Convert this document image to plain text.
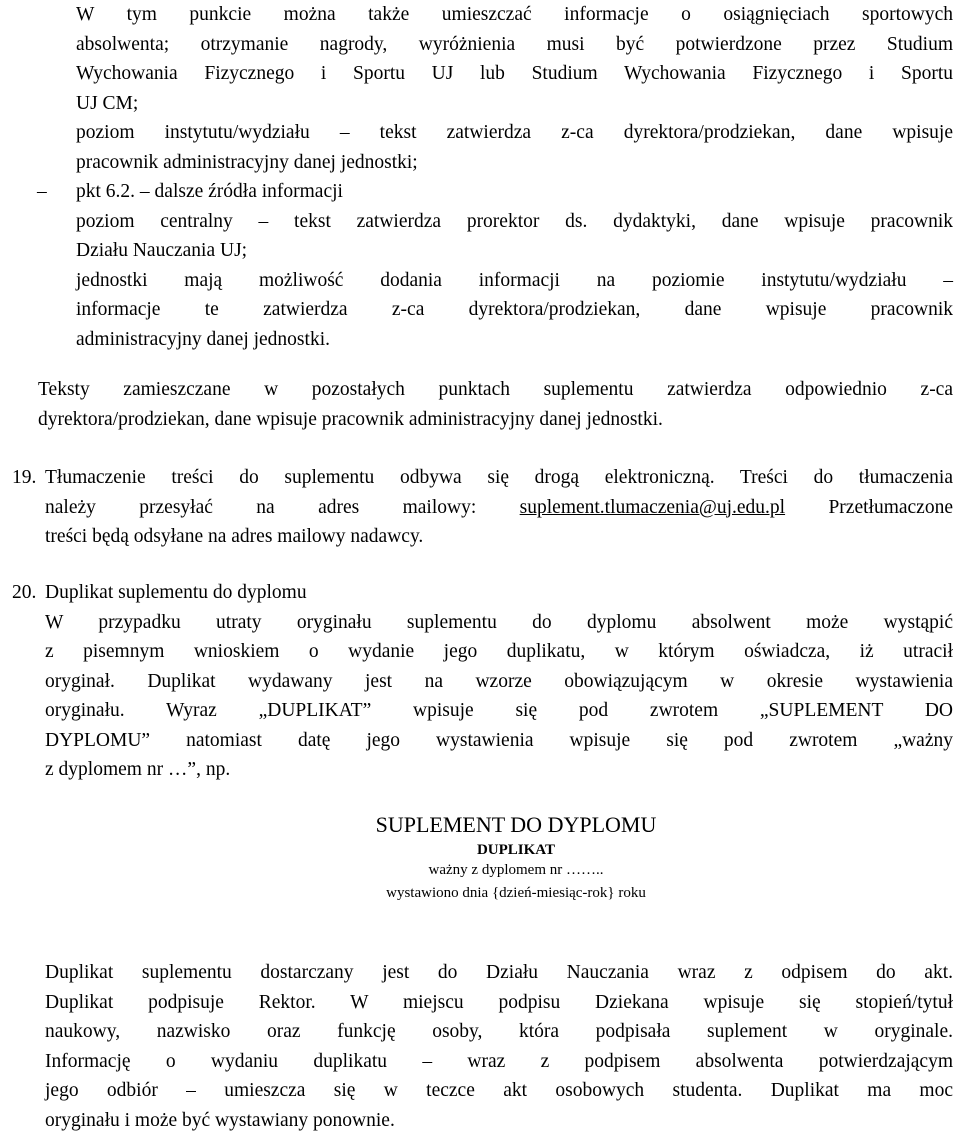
W tym punkcie można także umieszczać informacje o osiągnięciach sportowych

absolwenta; otrzymanie nagrody, wyróżnienia musi być potwierdzone przez Studium

Wychowania Fizycznego i Sportu UJ lub Studium Wychowania Fizycznego i Sportu

UJ CM;

poziom instytutu/wydziału – tekst zatwierdza z-ca dyrektora/prodziekan, dane wpisuje

pracownik administracyjny danej jednostki;

– pkt 6.2. – dalsze źródła informacji

poziom centralny – tekst zatwierdza prorektor ds. dydaktyki, dane wpisuje pracownik

Działu Nauczania UJ;

jednostki mają możliwość dodania informacji na poziomie instytutu/wydziału –

informacje te zatwierdza z-ca dyrektora/prodziekan, dane wpisuje pracownik

administracyjny danej jednostki.

Teksty zamieszczane w pozostałych punktach suplementu zatwierdza odpowiednio z-ca

dyrektora/prodziekan, dane wpisuje pracownik administracyjny danej jednostki.

19. Tłumaczenie treści do suplementu odbywa się drogą elektroniczną. Treści do tłumaczenia

należy przesyłać na adres mailowy: suplement.tlumaczenia@uj.edu.pl Przetłumaczone

treści będą odsyłane na adres mailowy nadawcy.

20. Duplikat suplementu do dyplomu

W przypadku utraty oryginału suplementu do dyplomu absolwent może wystąpić

z pisemnym wnioskiem o wydanie jego duplikatu, w którym oświadcza, iż utracił

oryginał. Duplikat wydawany jest na wzorze obowiązującym w okresie wystawienia

oryginału. Wyraz „DUPLIKAT” wpisuje się pod zwrotem „SUPLEMENT DO

DYPLOMU” natomiast datę jego wystawienia wpisuje się pod zwrotem „ważny

z dyplomem nr …”, np.

SUPLEMENT DO DYPLOMU

DUPLIKAT

ważny z dyplomem nr ……..

wystawiono dnia {dzień-miesiąc-rok} roku

Duplikat suplementu dostarczany jest do Działu Nauczania wraz z odpisem do akt.

Duplikat podpisuje Rektor. W miejscu podpisu Dziekana wpisuje się stopień/tytuł

naukowy, nazwisko oraz funkcję osoby, która podpisała suplement w oryginale.

Informację o wydaniu duplikatu – wraz z podpisem absolwenta potwierdzającym

jego odbiór – umieszcza się w teczce akt osobowych studenta. Duplikat ma moc

oryginału i może być wystawiany ponownie.
